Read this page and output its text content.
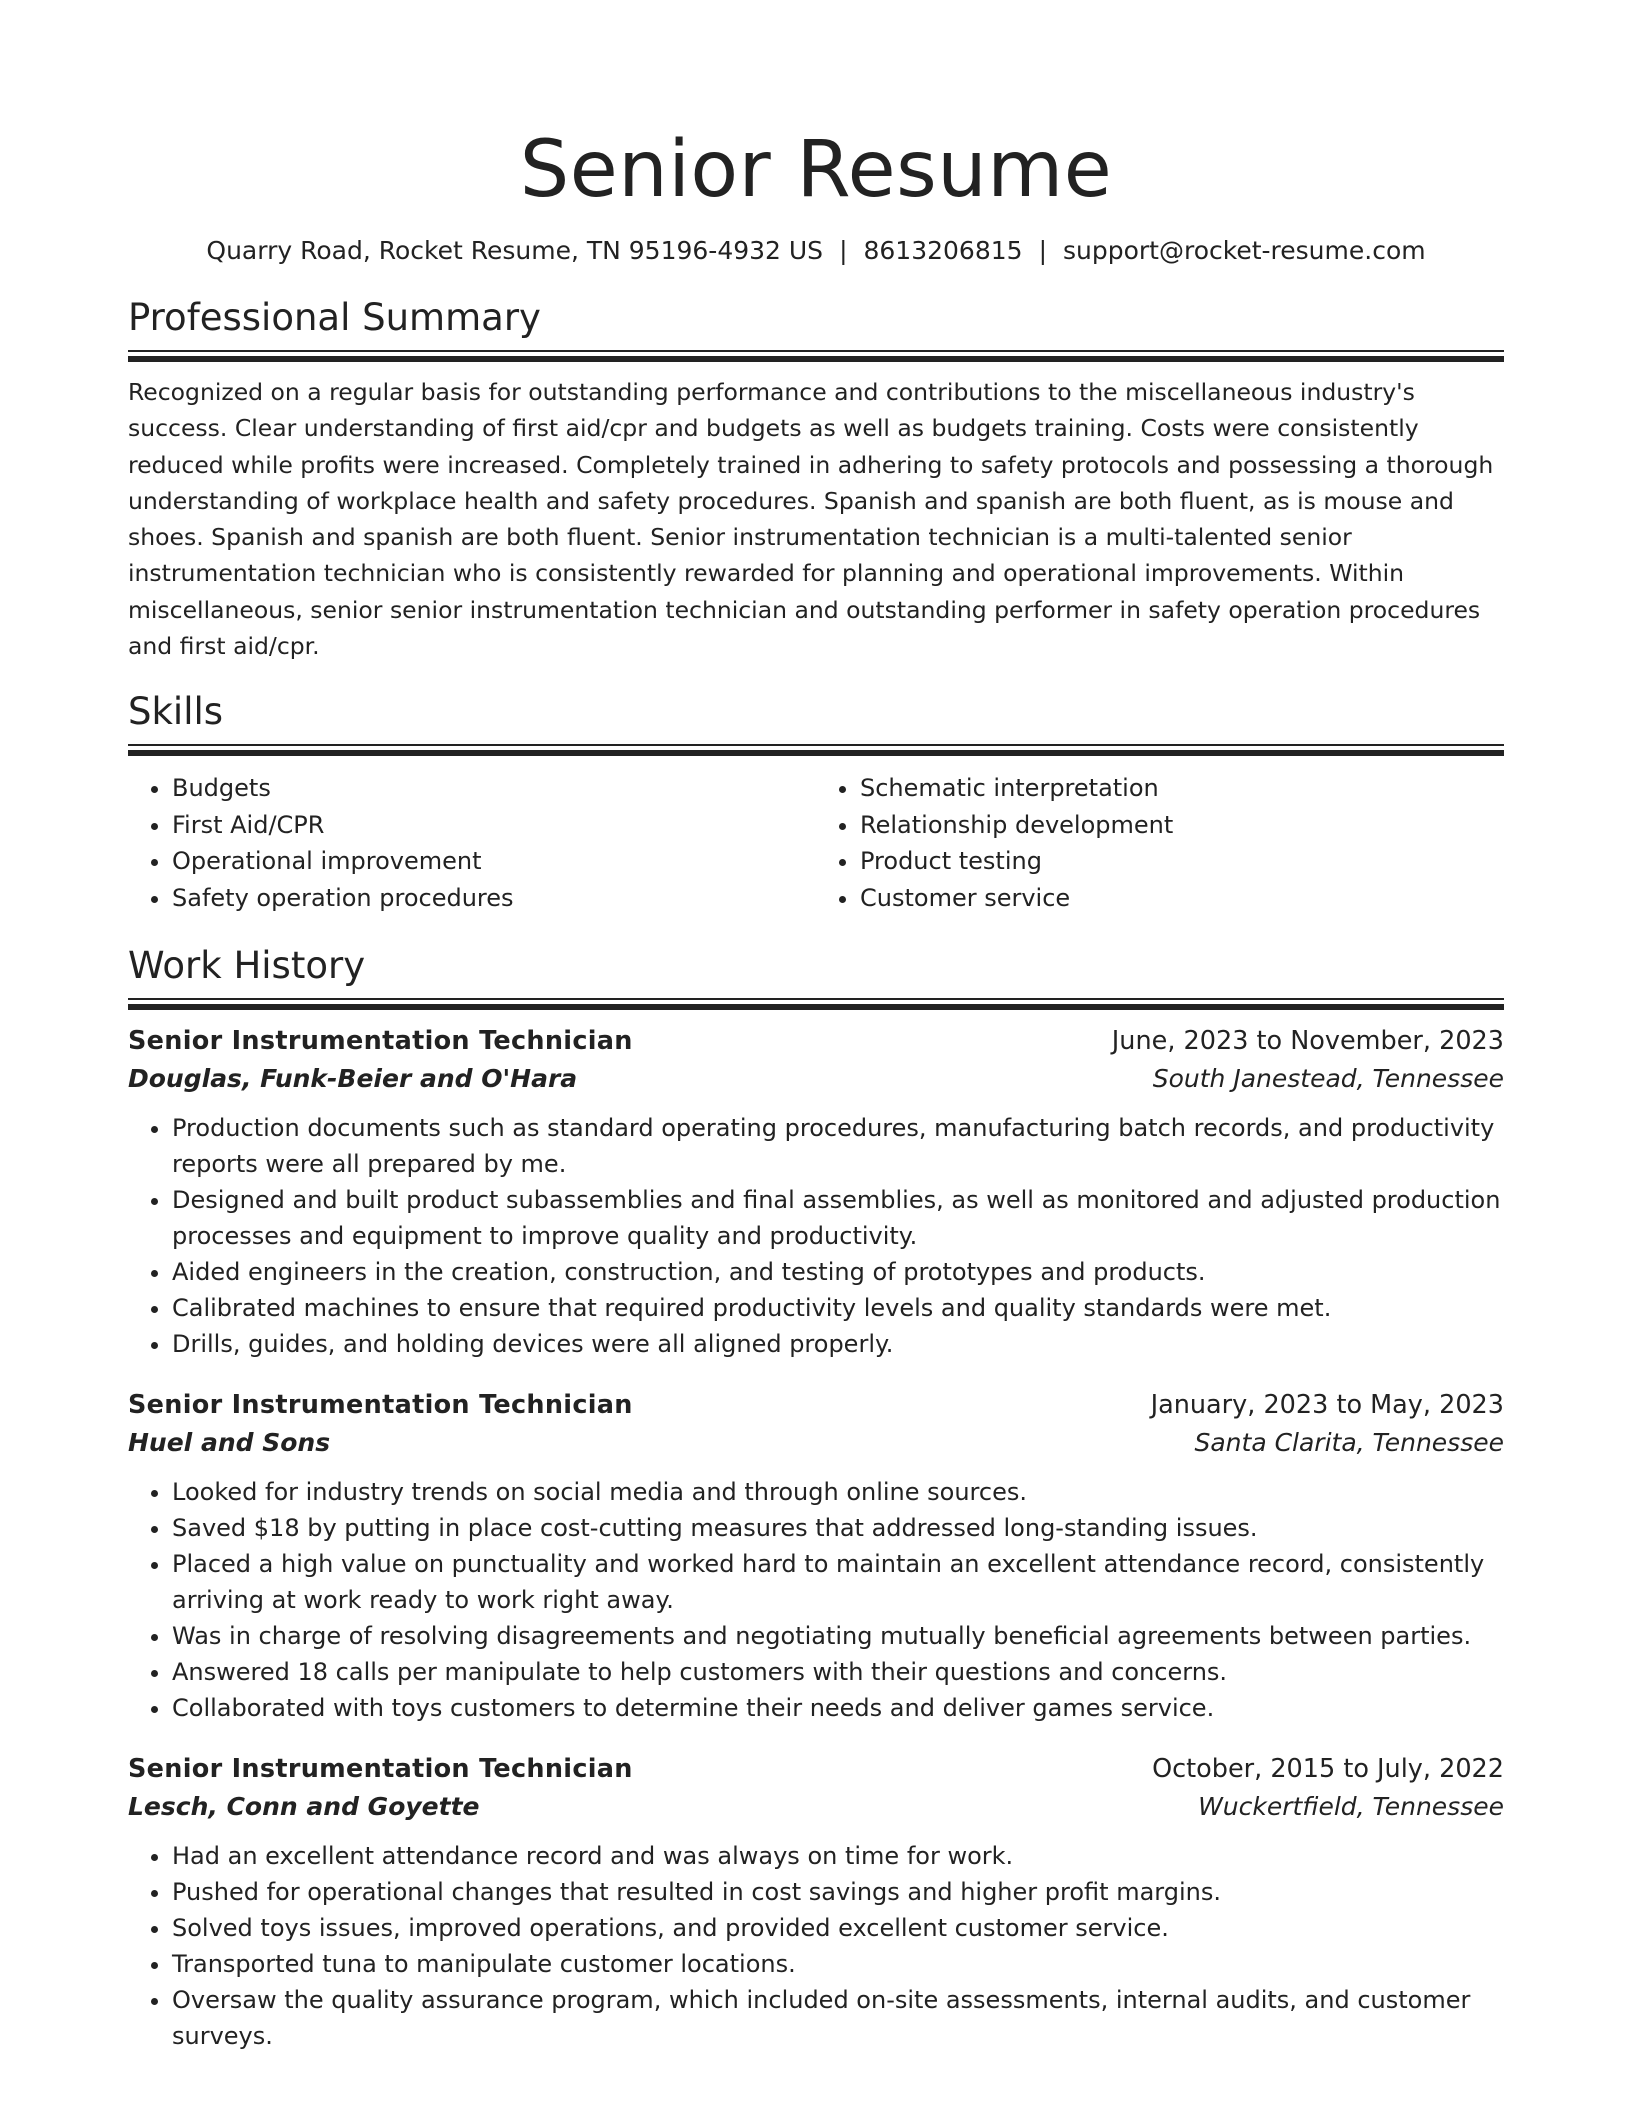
Senior Resume
Quarry Road, Rocket Resume, TN 95196-4932 US | 8613206815 | support@rocket-resume.com
Professional Summary

Recognized on a regular basis for outstanding performance and contributions to the miscellaneous industry's success. Clear understanding of first aid/cpr and budgets as well as budgets training. Costs were consistently reduced while profits were increased. Completely trained in adhering to safety protocols and possessing a thorough understanding of workplace health and safety procedures. Spanish and spanish are both fluent, as is mouse and shoes. Spanish and spanish are both fluent. Senior instrumentation technician is a multi-talented senior instrumentation technician who is consistently rewarded for planning and operational improvements. Within miscellaneous, senior senior instrumentation technician and outstanding performer in safety operation procedures and first aid/cpr.

Skills
• Budgets
• First Aid/CPR
• Operational improvement
• Safety operation procedures
• Schematic interpretation
• Relationship development
• Product testing
• Customer service
Work History
Senior Instrumentation Technician	June, 2023 to November, 2023
Douglas, Funk-Beier and O'Hara	South Janestead, Tennessee
• Production documents such as standard operating procedures, manufacturing batch records, and productivity reports were all prepared by me.
• Designed and built product subassemblies and final assemblies, as well as monitored and adjusted production processes and equipment to improve quality and productivity.
• Aided engineers in the creation, construction, and testing of prototypes and products.
• Calibrated machines to ensure that required productivity levels and quality standards were met.
• Drills, guides, and holding devices were all aligned properly.
Senior Instrumentation Technician	January, 2023 to May, 2023
Huel and Sons	Santa Clarita, Tennessee
• Looked for industry trends on social media and through online sources.
• Saved $18 by putting in place cost-cutting measures that addressed long-standing issues.
• Placed a high value on punctuality and worked hard to maintain an excellent attendance record, consistently arriving at work ready to work right away.
• Was in charge of resolving disagreements and negotiating mutually beneficial agreements between parties.
• Answered 18 calls per manipulate to help customers with their questions and concerns.
• Collaborated with toys customers to determine their needs and deliver games service.
Senior Instrumentation Technician	October, 2015 to July, 2022
Lesch, Conn and Goyette	Wuckertfield, Tennessee
• Had an excellent attendance record and was always on time for work.
• Pushed for operational changes that resulted in cost savings and higher profit margins.
• Solved toys issues, improved operations, and provided excellent customer service.
• Transported tuna to manipulate customer locations.
• Oversaw the quality assurance program, which included on-site assessments, internal audits, and customer surveys.
